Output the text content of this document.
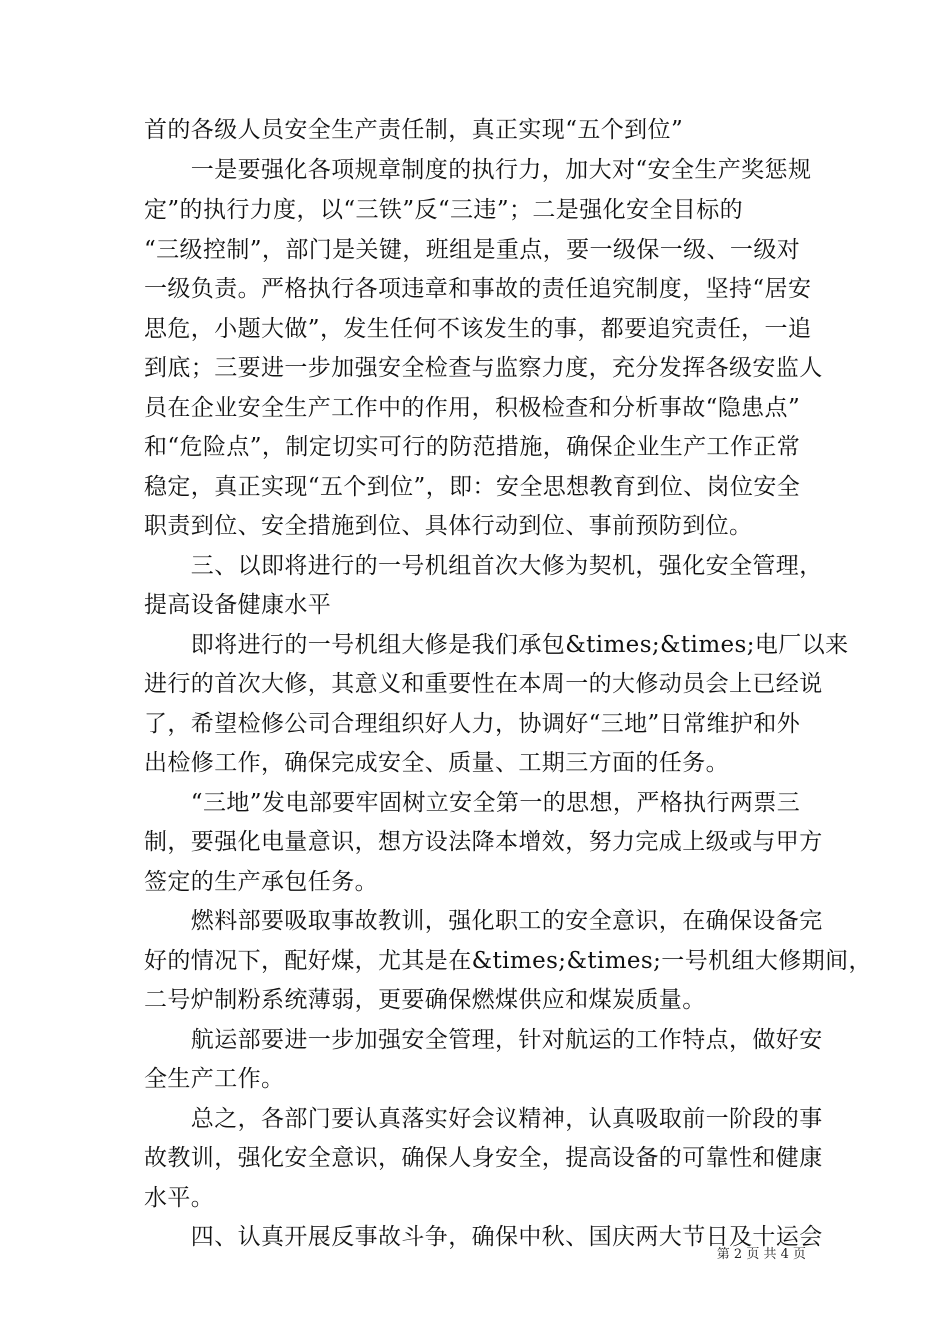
首的各级人员安全生产责任制，真正实现“五个到位”
　　一是要强化各项规章制度的执行力，加大对“安全生产奖惩规
定”的执行力度，以“三铁”反“三违”；二是强化安全目标的
“三级控制”，部门是关键，班组是重点，要一级保一级、一级对
一级负责。严格执行各项违章和事故的责任追究制度，坚持“居安
思危，小题大做”，发生任何不该发生的事，都要追究责任，一追
到底；三要进一步加强安全检查与监察力度，充分发挥各级安监人
员在企业安全生产工作中的作用，积极检查和分析事故“隐患点”
和“危险点”，制定切实可行的防范措施，确保企业生产工作正常
稳定，真正实现“五个到位”，即：安全思想教育到位、岗位安全
职责到位、安全措施到位、具体行动到位、事前预防到位。
　　三、以即将进行的一号机组首次大修为契机，强化安全管理，
提高设备健康水平
　　即将进行的一号机组大修是我们承包&times;&times;电厂以来
进行的首次大修，其意义和重要性在本周一的大修动员会上已经说
了，希望检修公司合理组织好人力，协调好“三地”日常维护和外
出检修工作，确保完成安全、质量、工期三方面的任务。
　　“三地”发电部要牢固树立安全第一的思想，严格执行两票三
制，要强化电量意识，想方设法降本增效，努力完成上级或与甲方
签定的生产承包任务。
　　燃料部要吸取事故教训，强化职工的安全意识，在确保设备完
好的情况下，配好煤，尤其是在&times;&times;一号机组大修期间，
二号炉制粉系统薄弱，更要确保燃煤供应和煤炭质量。
　　航运部要进一步加强安全管理，针对航运的工作特点，做好安
全生产工作。
　　总之，各部门要认真落实好会议精神，认真吸取前一阶段的事
故教训，强化安全意识，确保人身安全，提高设备的可靠性和健康
水平。
　　四、认真开展反事故斗争，确保中秋、国庆两大节日及十运会
第 2 页 共 4 页
